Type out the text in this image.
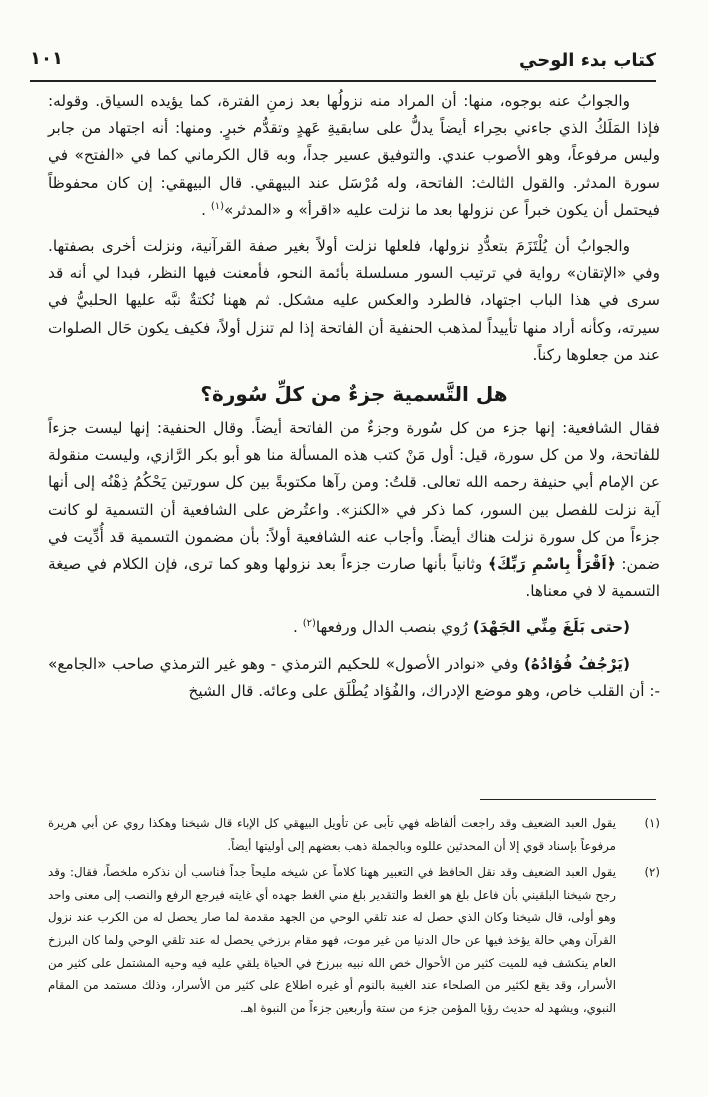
كتاب بدء الوحي
١٠١

والجوابُ عنه بوجوه، منها: أن المراد منه نزولُها بعد زمنِ الفترة، كما يؤيده السياق. وقوله: فإذا المَلَكُ الذي جاءني بحِراء أيضاً يدلُّ على سابقيةِ عَهدٍ وتقدُّم خبرٍ. ومنها: أنه اجتهاد من جابر وليس مرفوعاً، وهو الأصوب عندي. والتوفيق عسير جداً، وبه قال الكرماني كما في «الفتح» في سورة المدثر. والقول الثالث: الفاتحة، وله مُرْسَل عند البيهقي. قال البيهقي: إن كان محفوظاً فيحتمل أن يكون خبراً عن نزولها بعد ما نزلت عليه «اقرأ» و «المدثر»$^{(١)}$ .

والجوابُ أن يُلْتَزَمَ بتعدُّدِ نزولها، فلعلها نزلت أولاً بغير صفة القرآنية، ونزلت أخرى بصفتها. وفي «الإتقان» رواية في ترتيب السور مسلسلة بأئمة النحو، فأمعنت فيها النظر، فبدا لي أنه قد سرى في هذا الباب اجتهاد، فالطرد والعكس عليه مشكل. ثم ههنا نُكتةٌ نبَّه عليها الحلبيُّ في سيرته، وكأنه أراد منها تأييداً لمذهب الحنفية أن الفاتحة إذا لم تنزل أولاً، فكيف يكون حَال الصلوات عند من جعلوها ركناً.

هل التَّسمية جزءٌ من كلِّ سُورة؟

فقال الشافعية: إنها جزء من كل سُورة وجزءٌ من الفاتحة أيضاً. وقال الحنفية: إنها ليست جزءاً للفاتحة، ولا من كل سورة، قيل: أول مَنْ كتب هذه المسألة منا هو أبو بكر الرَّازي، وليست منقولة عن الإمام أبي حنيفة رحمه الله تعالى. قلتُ: ومن رآها مكتوبةً بين كل سورتين يَحْكُمُ ذِهْنُه إلى أنها آية نزلت للفصل بين السور، كما ذكر في «الكنز». واعتُرض على الشافعية أن التسمية لو كانت جزءاً من كل سورة نزلت هناك أيضاً. وأجاب عنه الشافعية أولاً: بأن مضمون التسمية قد أُدِّيت في ضمن: ﴿اَقْرَأْ بِاسْمِ رَبِّكَ﴾ وثانياً بأنها صارت جزءاً بعد نزولها وهو كما ترى، فإن الكلام في صيغة التسمية لا في معناها.

(حتى بَلَغَ مِنِّي الجَهْدَ) رُوي بنصب الدال ورفعها$^{(٢)}$ .

(يَرْجُفُ فُؤادُهُ) وفي «نوادر الأصول» للحكيم الترمذي - وهو غير الترمذي صاحب «الجامع» -: أن القلب خاص، وهو موضع الإدراك، والفُؤاد يُطْلَق على وعائه. قال الشيخ

(١)
يقول العبد الضعيف وقد راجعت ألفاظه فهي تأبى عن تأويل البيهقي كل الإباء قال شيخنا وهكذا روي عن أبي هريرة مرفوعاً بإسناد قوي إلا أن المحدثين عللوه وبالجملة ذهب بعضهم إلى أوليتها أيضاً.
(٢)
يقول العبد الضعيف وقد نقل الحافظ في التعبير ههنا كلاماً عن شيخه مليحاً جداً فناسب أن نذكره ملخصاً، فقال: وقد رجح شيخنا البلقيني بأن فاعل بلغ هو الغط والتقدير بلغ مني الغط جهده أي غايته فيرجع الرفع والنصب إلى معنى واحد وهو أولى، قال شيخنا وكان الذي حصل له عند تلقي الوحي من الجهد مقدمة لما صار يحصل له من الكرب عند نزول القرآن وهي حالة يؤخذ فيها عن حال الدنيا من غير موت، فهو مقام برزخي يحصل له عند تلقي الوحي ولما كان البرزخ العام ينكشف فيه للميت كثير من الأحوال خص الله نبيه ببرزخ في الحياة يلقي عليه فيه وحيه المشتمل على كثير من الأسرار، وقد يقع لكثير من الصلحاء عند الغيبة بالنوم أو غيره اطلاع على كثير من الأسرار، وذلك مستمد من المقام النبوي، ويشهد له حديث رؤيا المؤمن جزء من ستة وأربعين جزءاً من النبوة اهـ.
